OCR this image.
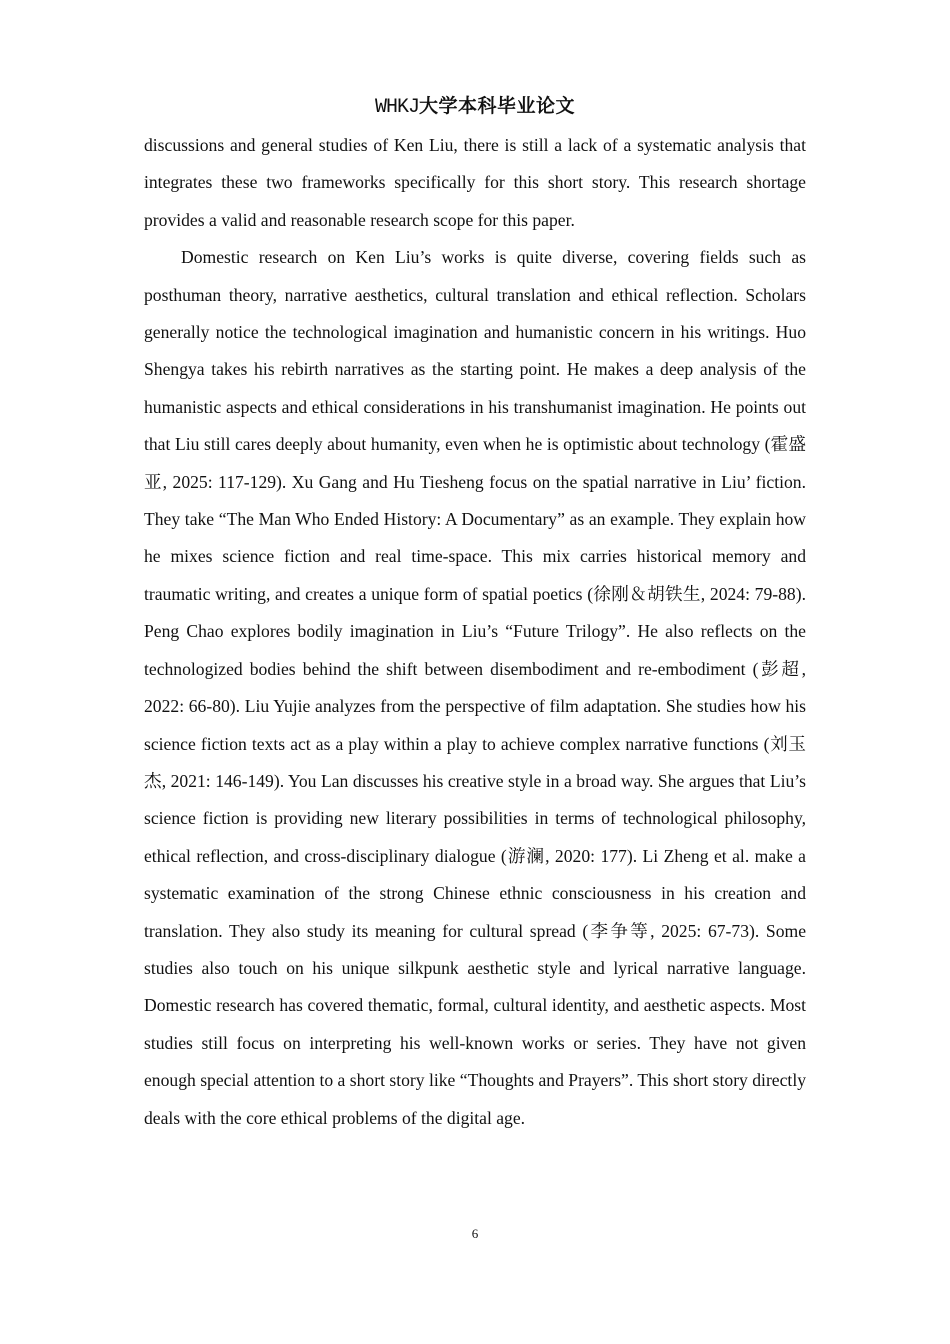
WHKJ大学本科毕业论文

discussions and general studies of Ken Liu, there is still a lack of a systematic analysis that integrates these two frameworks specifically for this short story. This research shortage provides a valid and reasonable research scope for this paper.

Domestic research on Ken Liu’s works is quite diverse, covering fields such as posthuman theory, narrative aesthetics, cultural translation and ethical reflection. Scholars generally notice the technological imagination and humanistic concern in his writings. Huo Shengya takes his rebirth narratives as the starting point. He makes a deep analysis of the humanistic aspects and ethical considerations in his transhumanist imagination. He points out that Liu still cares deeply about humanity, even when he is optimistic about technology (霍盛亚, 2025: 117-129). Xu Gang and Hu Tiesheng focus on the spatial narrative in Liu’ fiction. They take “The Man Who Ended History: A Documentary” as an example. They explain how he mixes science fiction and real time-space. This mix carries historical memory and traumatic writing, and creates a unique form of spatial poetics (徐刚＆胡铁生, 2024: 79-88). Peng Chao explores bodily imagination in Liu’s “Future Trilogy”. He also reflects on the technologized bodies behind the shift between disembodiment and re-embodiment (彭超, 2022: 66-80). Liu Yujie analyzes from the perspective of film adaptation. She studies how his science fiction texts act as a play within a play to achieve complex narrative functions (刘玉杰, 2021: 146-149). You Lan discusses his creative style in a broad way. She argues that Liu’s science fiction is providing new literary possibilities in terms of technological philosophy, ethical reflection, and cross-disciplinary dialogue (游澜, 2020: 177). Li Zheng et al. make a systematic examination of the strong Chinese ethnic consciousness in his creation and translation. They also study its meaning for cultural spread (李争等, 2025: 67-73). Some studies also touch on his unique silkpunk aesthetic style and lyrical narrative language. Domestic research has covered thematic, formal, cultural identity, and aesthetic aspects. Most studies still focus on interpreting his well-known works or series. They have not given enough special attention to a short story like “Thoughts and Prayers”. This short story directly deals with the core ethical problems of the digital age.

6
